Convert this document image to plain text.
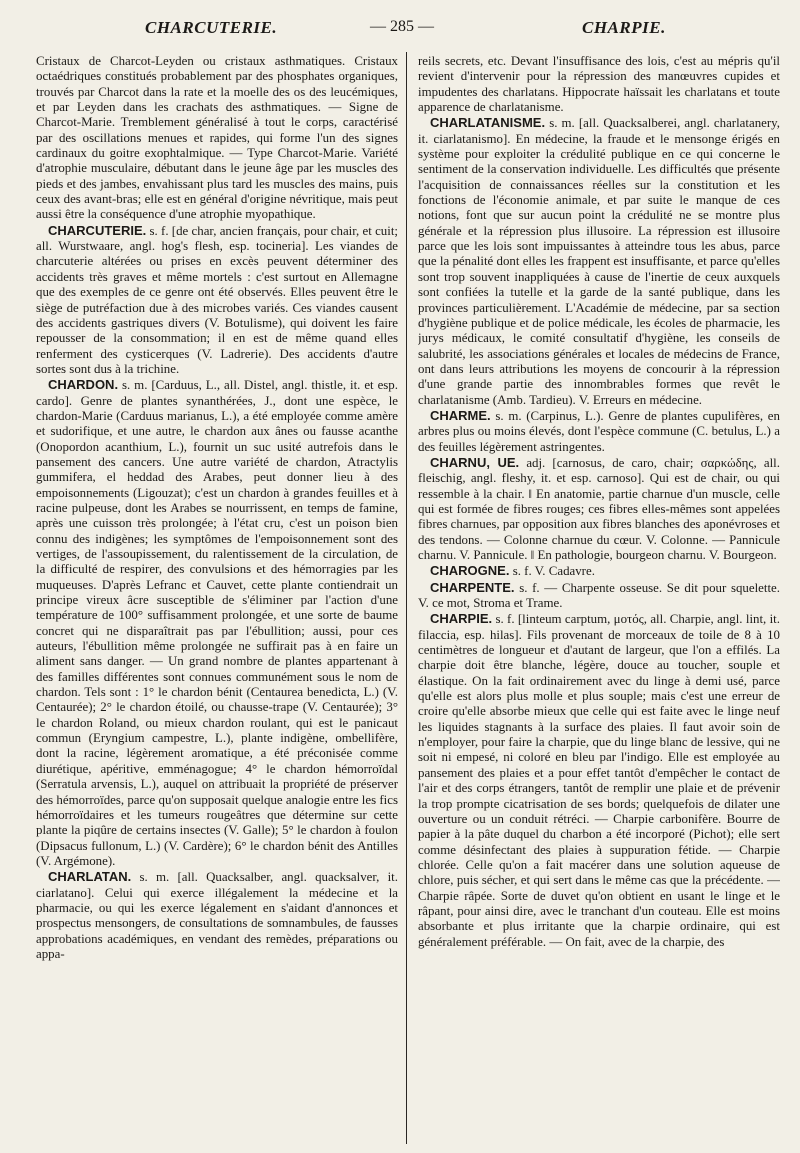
CHARCUTERIE.	— 285 —	CHARPIE.

Cristaux de Charcot-Leyden ou cristaux asthmatiques. Cristaux octaédriques constitués probablement par des phosphates organiques, trouvés par Charcot dans la rate et la moelle des os des leucémiques, et par Leyden dans les crachats des asthmatiques. — Signe de Charcot-Marie. Tremblement généralisé à tout le corps, caractérisé par des oscillations menues et rapides, qui forme l'un des signes cardinaux du goitre exophtalmique. — Type Charcot-Marie. Variété d'atrophie musculaire, débutant dans le jeune âge par les muscles des pieds et des jambes, envahissant plus tard les muscles des mains, puis ceux des avant-bras; elle est en général d'origine névritique, mais peut aussi être la conséquence d'une atrophie myopathique.

CHARCUTERIE. s. f. [de char, ancien français, pour chair, et cuit; all. Wurstwaare, angl. hog's flesh, esp. tocineria]. Les viandes de charcuterie altérées ou prises en excès peuvent déterminer des accidents très graves et même mortels : c'est surtout en Allemagne que des exemples de ce genre ont été observés. Elles peuvent être le siège de putréfaction due à des microbes variés. Ces viandes causent des accidents gastriques divers (V. Botulisme), qui doivent les faire repousser de la consommation; il en est de même quand elles renferment des cysticerques (V. Ladrerie). Des accidents d'autre sortes sont dus à la trichine.

CHARDON. s. m. [Carduus, L., all. Distel, angl. thistle, it. et esp. cardo]. Genre de plantes synanthérées, J., dont une espèce, le chardon-Marie (Carduus marianus, L.), a été employée comme amère et sudorifique, et une autre, le chardon aux ânes ou fausse acanthe (Onopordon acanthium, L.), fournit un suc usité autrefois dans le pansement des cancers. Une autre variété de chardon, Atractylis gummifera, el heddad des Arabes, peut donner lieu à des empoisonnements (Ligouzat); c'est un chardon à grandes feuilles et à racine pulpeuse, dont les Arabes se nourrissent, en temps de famine, après une cuisson très prolongée; à l'état cru, c'est un poison bien connu des indigènes; les symptômes de l'empoisonnement sont des vertiges, de l'assoupissement, du ralentissement de la circulation, de la difficulté de respirer, des convulsions et des hémorragies par les muqueuses. D'après Lefranc et Cauvet, cette plante contiendrait un principe vireux âcre susceptible de s'éliminer par l'action d'une température de 100° suffisamment prolongée, et une sorte de baume concret qui ne disparaîtrait pas par l'ébullition; aussi, pour ces auteurs, l'ébullition même prolongée ne suffirait pas à en faire un aliment sans danger. — Un grand nombre de plantes appartenant à des familles différentes sont connues communément sous le nom de chardon. Tels sont : 1° le chardon bénit (Centaurea benedicta, L.) (V. Centaurée); 2° le chardon étoilé, ou chausse-trape (V. Centaurée); 3° le chardon Roland, ou mieux chardon roulant, qui est le panicaut commun (Eryngium campestre, L.), plante indigène, ombellifère, dont la racine, légèrement aromatique, a été préconisée comme diurétique, apéritive, emménagogue; 4° le chardon hémorroïdal (Serratula arvensis, L.), auquel on attribuait la propriété de préserver des hémorroïdes, parce qu'on supposait quelque analogie entre les fics hémorroïdaires et les tumeurs rougeâtres que détermine sur cette plante la piqûre de certains insectes (V. Galle); 5° le chardon à foulon (Dipsacus fullonum, L.) (V. Cardère); 6° le chardon bénit des Antilles (V. Argémone).

CHARLATAN. s. m. [all. Quacksalber, angl. quacksalver, it. ciarlatano]. Celui qui exerce illégalement la médecine et la pharmacie, ou qui les exerce légalement en s'aidant d'annonces et prospectus mensongers, de consultations de somnambules, de fausses approbations académiques, en vendant des remèdes, préparations ou appa-

reils secrets, etc. Devant l'insuffisance des lois, c'est au mépris qu'il revient d'intervenir pour la répression des manœuvres cupides et impudentes des charlatans. Hippocrate haïssait les charlatans et toute apparence de charlatanisme.

CHARLATANISME. s. m. [all. Quacksalberei, angl. charlatanery, it. ciarlatanismo]. En médecine, la fraude et le mensonge érigés en système pour exploiter la crédulité publique en ce qui concerne le sentiment de la conservation individuelle. Les difficultés que présente l'acquisition de connaissances réelles sur la constitution et les fonctions de l'économie animale, et par suite le manque de ces notions, font que sur aucun point la crédulité ne se montre plus générale et la répression plus illusoire. La répression est illusoire parce que les lois sont impuissantes à atteindre tous les abus, parce que la pénalité dont elles les frappent est insuffisante, et parce qu'elles sont trop souvent inappliquées à cause de l'inertie de ceux auxquels sont confiées la tutelle et la garde de la santé publique, dans les provinces particulièrement. L'Académie de médecine, par sa section d'hygiène publique et de police médicale, les écoles de pharmacie, les jurys médicaux, le comité consultatif d'hygiène, les conseils de salubrité, les associations générales et locales de médecins de France, ont dans leurs attributions les moyens de concourir à la répression d'une grande partie des innombrables formes que revêt le charlatanisme (Amb. Tardieu). V. Erreurs en médecine.

CHARME. s. m. (Carpinus, L.). Genre de plantes cupulifères, en arbres plus ou moins élevés, dont l'espèce commune (C. betulus, L.) a des feuilles légèrement astringentes.

CHARNU, UE. adj. [carnosus, de caro, chair; σαρκώδης, all. fleischig, angl. fleshy, it. et esp. carnoso]. Qui est de chair, ou qui ressemble à la chair. ‖ En anatomie, partie charnue d'un muscle, celle qui est formée de fibres rouges; ces fibres elles-mêmes sont appelées fibres charnues, par opposition aux fibres blanches des aponévroses et des tendons. — Colonne charnue du cœur. V. Colonne. — Pannicule charnu. V. Pannicule. ‖ En pathologie, bourgeon charnu. V. Bourgeon.

CHAROGNE. s. f. V. Cadavre.

CHARPENTE. s. f. — Charpente osseuse. Se dit pour squelette. V. ce mot, Stroma et Trame.

CHARPIE. s. f. [linteum carptum, μοτός, all. Charpie, angl. lint, it. filaccia, esp. hilas]. Fils provenant de morceaux de toile de 8 à 10 centimètres de longueur et d'autant de largeur, que l'on a effilés. La charpie doit être blanche, légère, douce au toucher, souple et élastique. On la fait ordinairement avec du linge à demi usé, parce qu'elle est alors plus molle et plus souple; mais c'est une erreur de croire qu'elle absorbe mieux que celle qui est faite avec le linge neuf les liquides stagnants à la surface des plaies. Il faut avoir soin de n'employer, pour faire la charpie, que du linge blanc de lessive, qui ne soit ni empesé, ni coloré en bleu par l'indigo. Elle est employée au pansement des plaies et a pour effet tantôt d'empêcher le contact de l'air et des corps étrangers, tantôt de remplir une plaie et de prévenir la trop prompte cicatrisation de ses bords; quelquefois de dilater une ouverture ou un conduit rétréci. — Charpie carbonifère. Bourre de papier à la pâte duquel du charbon a été incorporé (Pichot); elle sert comme désinfectant des plaies à suppuration fétide. — Charpie chlorée. Celle qu'on a fait macérer dans une solution aqueuse de chlore, puis sécher, et qui sert dans le même cas que la précédente. — Charpie râpée. Sorte de duvet qu'on obtient en usant le linge et le râpant, pour ainsi dire, avec le tranchant d'un couteau. Elle est moins absorbante et plus irritante que la charpie ordinaire, qui est généralement préférable. — On fait, avec de la charpie, des
